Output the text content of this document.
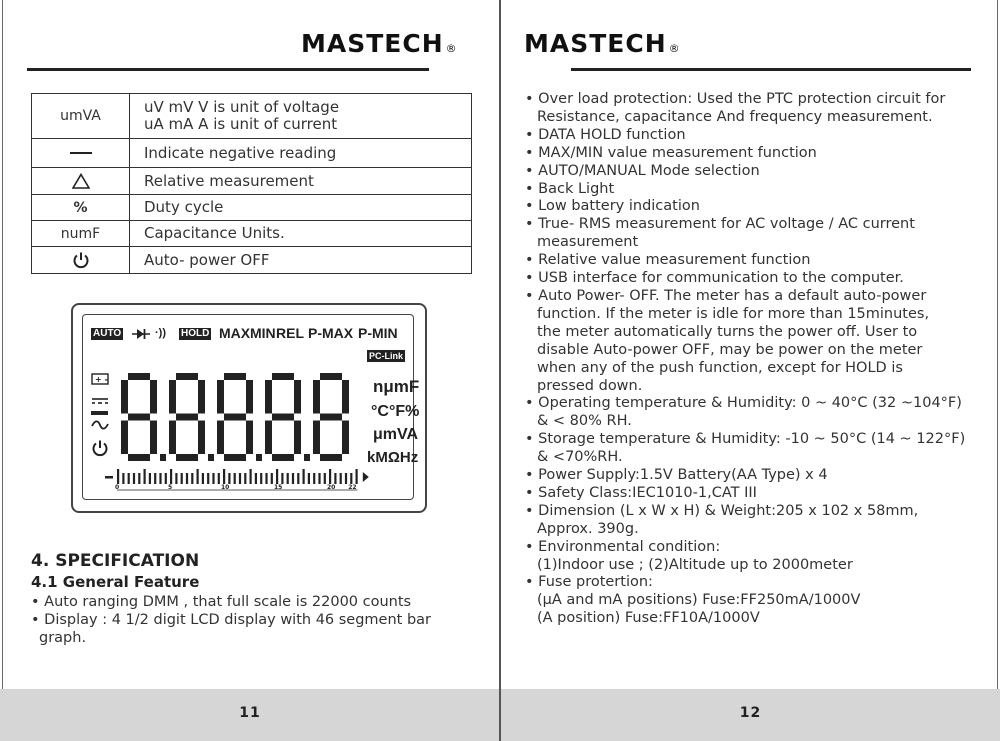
MASTECH ®
umVA	uV mV V is unit of voltage
uA mA A is unit of current

	Indicate negative reading
	Relative measurement
%	Duty cycle
numF	Capacitance Units.
	Auto- power OFF
AUTO	·)) HOLD MAX MIN REL P-MAX P-MIN
PC-Link
+ -	nμmF
°C°F%
μmVA
kMΩHz
0	5	10	15	20 22
4. SPECIFICATION
4.1 General Feature
• Auto ranging DMM , that full scale is 22000 counts
• Display : 4 1/2 digit LCD display with 46 segment bar
graph.
11
MASTECH ®
12
• Over load protection: Used the PTC protection circuit for
Resistance, capacitance And frequency measurement.
• DATA HOLD function
• MAX/MIN value measurement function
• AUTO/MANUAL Mode selection
• Back Light
• Low battery indication
• True- RMS measurement for AC voltage / AC current
measurement
• Relative value measurement function
• USB interface for communication to the computer.
• Auto Power- OFF. The meter has a default auto-power
function. If the meter is idle for more than 15minutes,
the meter automatically turns the power off. User to
disable Auto-power OFF, may be power on the meter
when any of the push function, except for HOLD is
pressed down.
• Operating temperature & Humidity: 0 ~ 40°C (32 ~104°F)
& < 80% RH.
• Storage temperature & Humidity: -10 ~ 50°C (14 ~ 122°F)
& <70%RH.
• Power Supply:1.5V Battery(AA Type) x 4
• Safety Class:IEC1010-1,CAT III
• Dimension (L x W x H) & Weight:205 x 102 x 58mm,
Approx. 390g.
• Environmental condition:
(1)Indoor use ; (2)Altitude up to 2000meter
• Fuse protertion:
(μA and mA positions) Fuse:FF250mA/1000V
(A position) Fuse:FF10A/1000V
